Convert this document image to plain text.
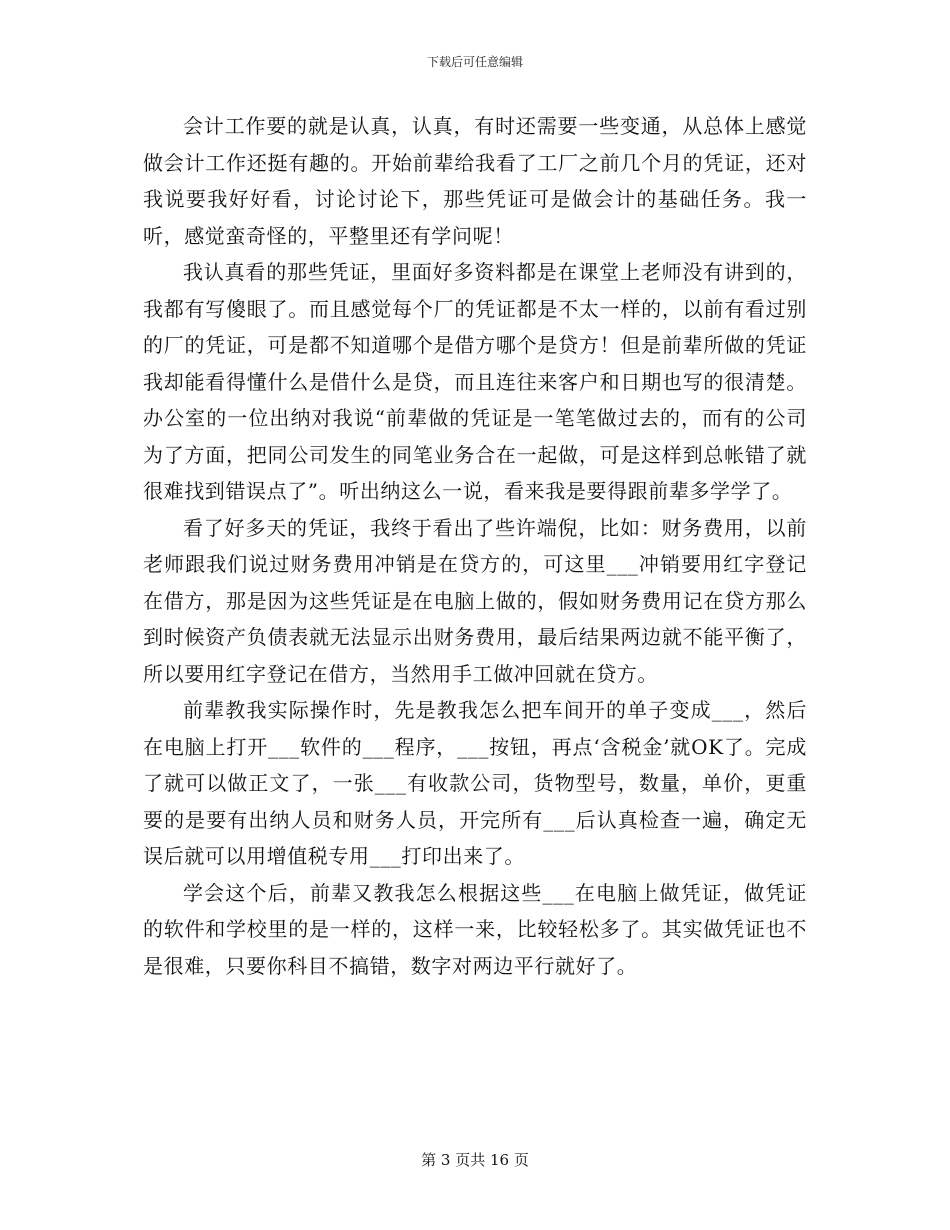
下载后可任意编辑

会计工作要的就是认真，认真，有时还需要一些变通，从总体上感觉做会计工作还挺有趣的。开始前辈给我看了工厂之前几个月的凭证，还对我说要我好好看，讨论讨论下，那些凭证可是做会计的基础任务。我一听，感觉蛮奇怪的，平整里还有学问呢！

我认真看的那些凭证，里面好多资料都是在课堂上老师没有讲到的，我都有写傻眼了。而且感觉每个厂的凭证都是不太一样的，以前有看过别的厂的凭证，可是都不知道哪个是借方哪个是贷方！但是前辈所做的凭证我却能看得懂什么是借什么是贷，而且连往来客户和日期也写的很清楚。办公室的一位出纳对我说“前辈做的凭证是一笔笔做过去的，而有的公司为了方面，把同公司发生的同笔业务合在一起做，可是这样到总帐错了就很难找到错误点了”。听出纳这么一说，看来我是要得跟前辈多学学了。

看了好多天的凭证，我终于看出了些许端倪，比如：财务费用，以前老师跟我们说过财务费用冲销是在贷方的，可这里___冲销要用红字登记在借方，那是因为这些凭证是在电脑上做的，假如财务费用记在贷方那么到时候资产负债表就无法显示出财务费用，最后结果两边就不能平衡了，所以要用红字登记在借方，当然用手工做冲回就在贷方。

前辈教我实际操作时，先是教我怎么把车间开的单子变成___，然后在电脑上打开___软件的___程序，___按钮，再点‘含税金’就OK了。完成了就可以做正文了，一张___有收款公司，货物型号，数量，单价，更重要的是要有出纳人员和财务人员，开完所有___后认真检查一遍，确定无误后就可以用增值税专用___打印出来了。

学会这个后，前辈又教我怎么根据这些___在电脑上做凭证，做凭证的软件和学校里的是一样的，这样一来，比较轻松多了。其实做凭证也不是很难，只要你科目不搞错，数字对两边平行就好了。

第 3 页共 16 页
